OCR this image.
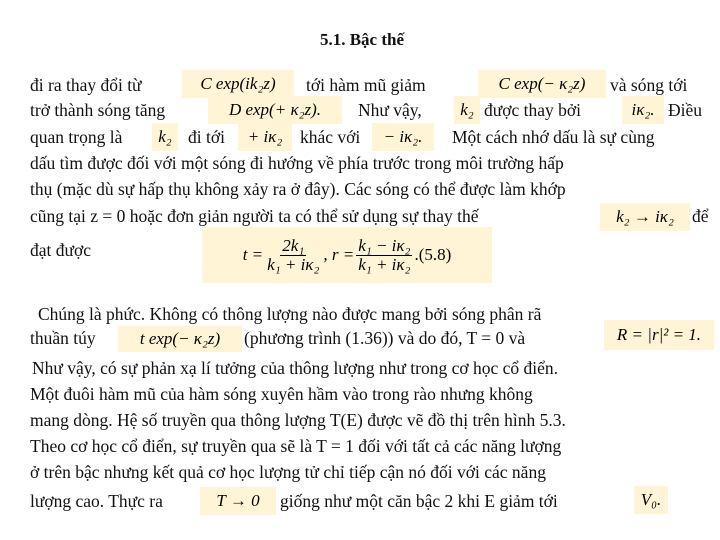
5.1. Bậc thế
đi ra thay đổi từ	C exp(ik₂z)	tới hàm mũ giảm	C exp(− κ₂z)	và sóng tới
trở thành sóng tăng	D exp(+ κ₂z).	Như vậy,	k₂ được thay bởi	iκ₂. Điều
quan trọng là	k₂ đi tới	+ iκ₂	khác với	− iκ₂.	Một cách nhớ dấu là sự cùng
dấu tìm được đối với một sóng đi hướng về phía trước trong môi trường hấp
thụ (mặc dù sự hấp thụ không xảy ra ở đây). Các sóng có thể được làm khớp
cũng tại z = 0 hoặc đơn giản người ta có thể sử dụng sự thay thế	k₂ → iκ₂	để
đạt được	$t = \frac{\text{2k₁}}{\text{k₁ + iκ₂}}$ , $r = \frac{\text{k₁ − iκ₂}}{\text{k₁ + iκ₂}} .(5.8)$
Chúng là phức. Không có thông lượng nào được mang bởi sóng phân rã
thuần túy	t exp(− κ₂z)	(phương trình (1.36)) và do đó, T = 0 và	R = |r|² = 1.
Như vậy, có sự phản xạ lí tưởng của thông lượng như trong cơ học cổ điển.
Một đuôi hàm mũ của hàm sóng xuyên hầm vào trong rào nhưng không
mang dòng. Hệ số truyền qua thông lượng T(E) được vẽ đồ thị trên hình 5.3.
Theo cơ học cổ điển, sự truyền qua sẽ là T = 1 đối với tất cả các năng lượng
ở trên bậc nhưng kết quả cơ học lượng tử chỉ tiếp cận nó đối với các năng
lượng cao. Thực ra	T → 0	giống như một căn bậc 2 khi E giảm tới	V₀.
